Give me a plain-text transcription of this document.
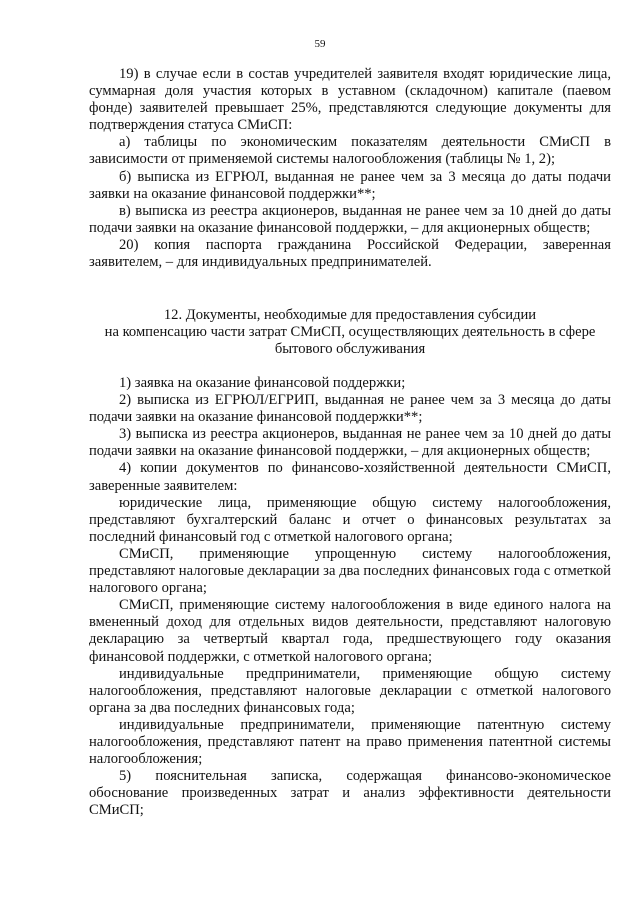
59

19) в случае если в состав учредителей заявителя входят юридические лица, суммарная доля участия которых в уставном (складочном) капитале (паевом фонде) заявителей превышает 25%, представляются следующие документы для подтверждения статуса СМиСП:

а) таблицы по экономическим показателям деятельности СМиСП в зависимости от применяемой системы налогообложения (таблицы № 1, 2);

б) выписка из ЕГРЮЛ, выданная не ранее чем за 3 месяца до даты подачи заявки на оказание финансовой поддержки**;

в) выписка из реестра акционеров, выданная не ранее чем за 10 дней до даты подачи заявки на оказание финансовой поддержки, – для акционерных обществ;

20) копия паспорта гражданина Российской Федерации, заверенная заявителем, – для индивидуальных предпринимателей.

12. Документы, необходимые для предоставления субсидии
на компенсацию части затрат СМиСП, осуществляющих деятельность в сфере
бытового обслуживания

1) заявка на оказание финансовой поддержки;

2) выписка из ЕГРЮЛ/ЕГРИП, выданная не ранее чем за 3 месяца до даты подачи заявки на оказание финансовой поддержки**;

3) выписка из реестра акционеров, выданная не ранее чем за 10 дней до даты подачи заявки на оказание финансовой поддержки, – для акционерных обществ;

4) копии документов по финансово-хозяйственной деятельности СМиСП, заверенные заявителем:

юридические лица, применяющие общую систему налогообложения, представляют бухгалтерский баланс и отчет о финансовых результатах за последний финансовый год с отметкой налогового органа;

СМиСП, применяющие упрощенную систему налогообложения, представляют налоговые декларации за два последних финансовых года с отметкой налогового органа;

СМиСП, применяющие систему налогообложения в виде единого налога на вмененный доход для отдельных видов деятельности, представляют налоговую декларацию за четвертый квартал года, предшествующего году оказания финансовой поддержки, с отметкой налогового органа;

индивидуальные предприниматели, применяющие общую систему налогообложения, представляют налоговые декларации с отметкой налогового органа за два последних финансовых года;

индивидуальные предприниматели, применяющие патентную систему налогообложения, представляют патент на право применения патентной системы налогообложения;

5) пояснительная записка, содержащая финансово-экономическое обоснование произведенных затрат и анализ эффективности деятельности СМиСП;
